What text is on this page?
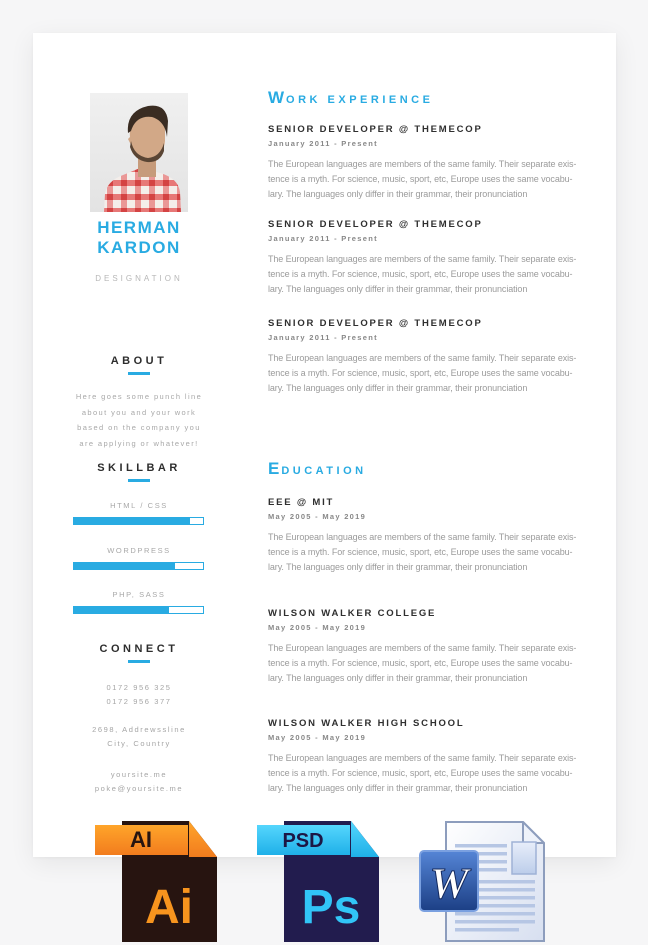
HERMAN
KARDON
DESIGNATION
ABOUT
Here goes some punch line
about you and your work
based on the company you
are applying or whatever!
SKILLBAR
HTML / CSS
WORDPRESS
PHP, SASS
CONNECT
0172 956 325
0172 956 377
2698, Addrewssline
City, Country
yoursite.me
poke@yoursite.me
WORK EXPERIENCE
SENIOR DEVELOPER @ THEMECOP
January 2011 - Present
The European languages are members of the same family. Their separate exis-
tence is a myth. For science, music, sport, etc, Europe uses the same vocabu-
lary. The languages only differ in their grammar, their pronunciation
SENIOR DEVELOPER @ THEMECOP
January 2011 - Present
The European languages are members of the same family. Their separate exis-
tence is a myth. For science, music, sport, etc, Europe uses the same vocabu-
lary. The languages only differ in their grammar, their pronunciation
SENIOR DEVELOPER @ THEMECOP
January 2011 - Present
The European languages are members of the same family. Their separate exis-
tence is a myth. For science, music, sport, etc, Europe uses the same vocabu-
lary. The languages only differ in their grammar, their pronunciation
EDUCATION
EEE @ MIT
May 2005 - May 2019
The European languages are members of the same family. Their separate exis-
tence is a myth. For science, music, sport, etc, Europe uses the same vocabu-
lary. The languages only differ in their grammar, their pronunciation
WILSON WALKER COLLEGE
May 2005 - May 2019
The European languages are members of the same family. Their separate exis-
tence is a myth. For science, music, sport, etc, Europe uses the same vocabu-
lary. The languages only differ in their grammar, their pronunciation
WILSON WALKER HIGH SCHOOL
May 2005 - May 2019
The European languages are members of the same family. Their separate exis-
tence is a myth. For science, music, sport, etc, Europe uses the same vocabu-
lary. The languages only differ in their grammar, their pronunciation
AI
Ai
PSD
Ps W
